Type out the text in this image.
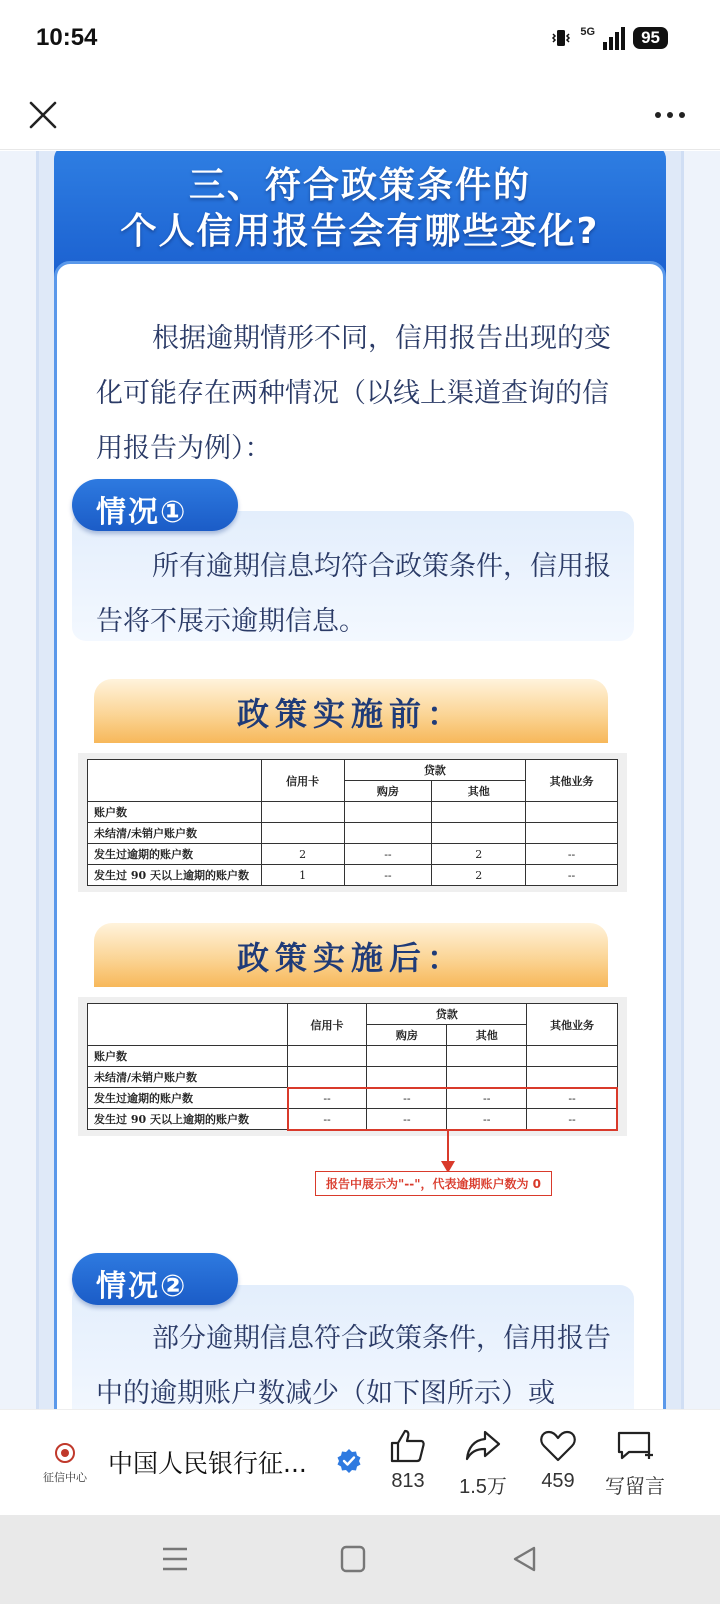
10:54	5G	95
三、符合政策条件的
个人信用报告会有哪些变化?

根据逾期情形不同，信用报告出现的变化可能存在两种情况（以线上渠道查询的信用报告为例）：

情况①

所有逾期信息均符合政策条件，信用报告将不展示逾期信息。

政策实施前：
	信用卡	贷款		其他业务
		购房	其他	
账户数				
未结清/未销户账户数				
发生过逾期的账户数	2	--	2	--
发生过 90 天以上逾期的账户数	1	--	2	--
政策实施后：
	信用卡	贷款		其他业务
		购房	其他	
账户数				
未结清/未销户账户数				
发生过逾期的账户数	--	--	--	--
发生过 90 天以上逾期的账户数	--	--	--	--
报告中展示为"--"，代表逾期账户数为 0
情况②

部分逾期信息符合政策条件，信用报告中的逾期账户数减少（如下图所示）或

征信中心 中国人民银行征...
813	1.5万	459	写留言
